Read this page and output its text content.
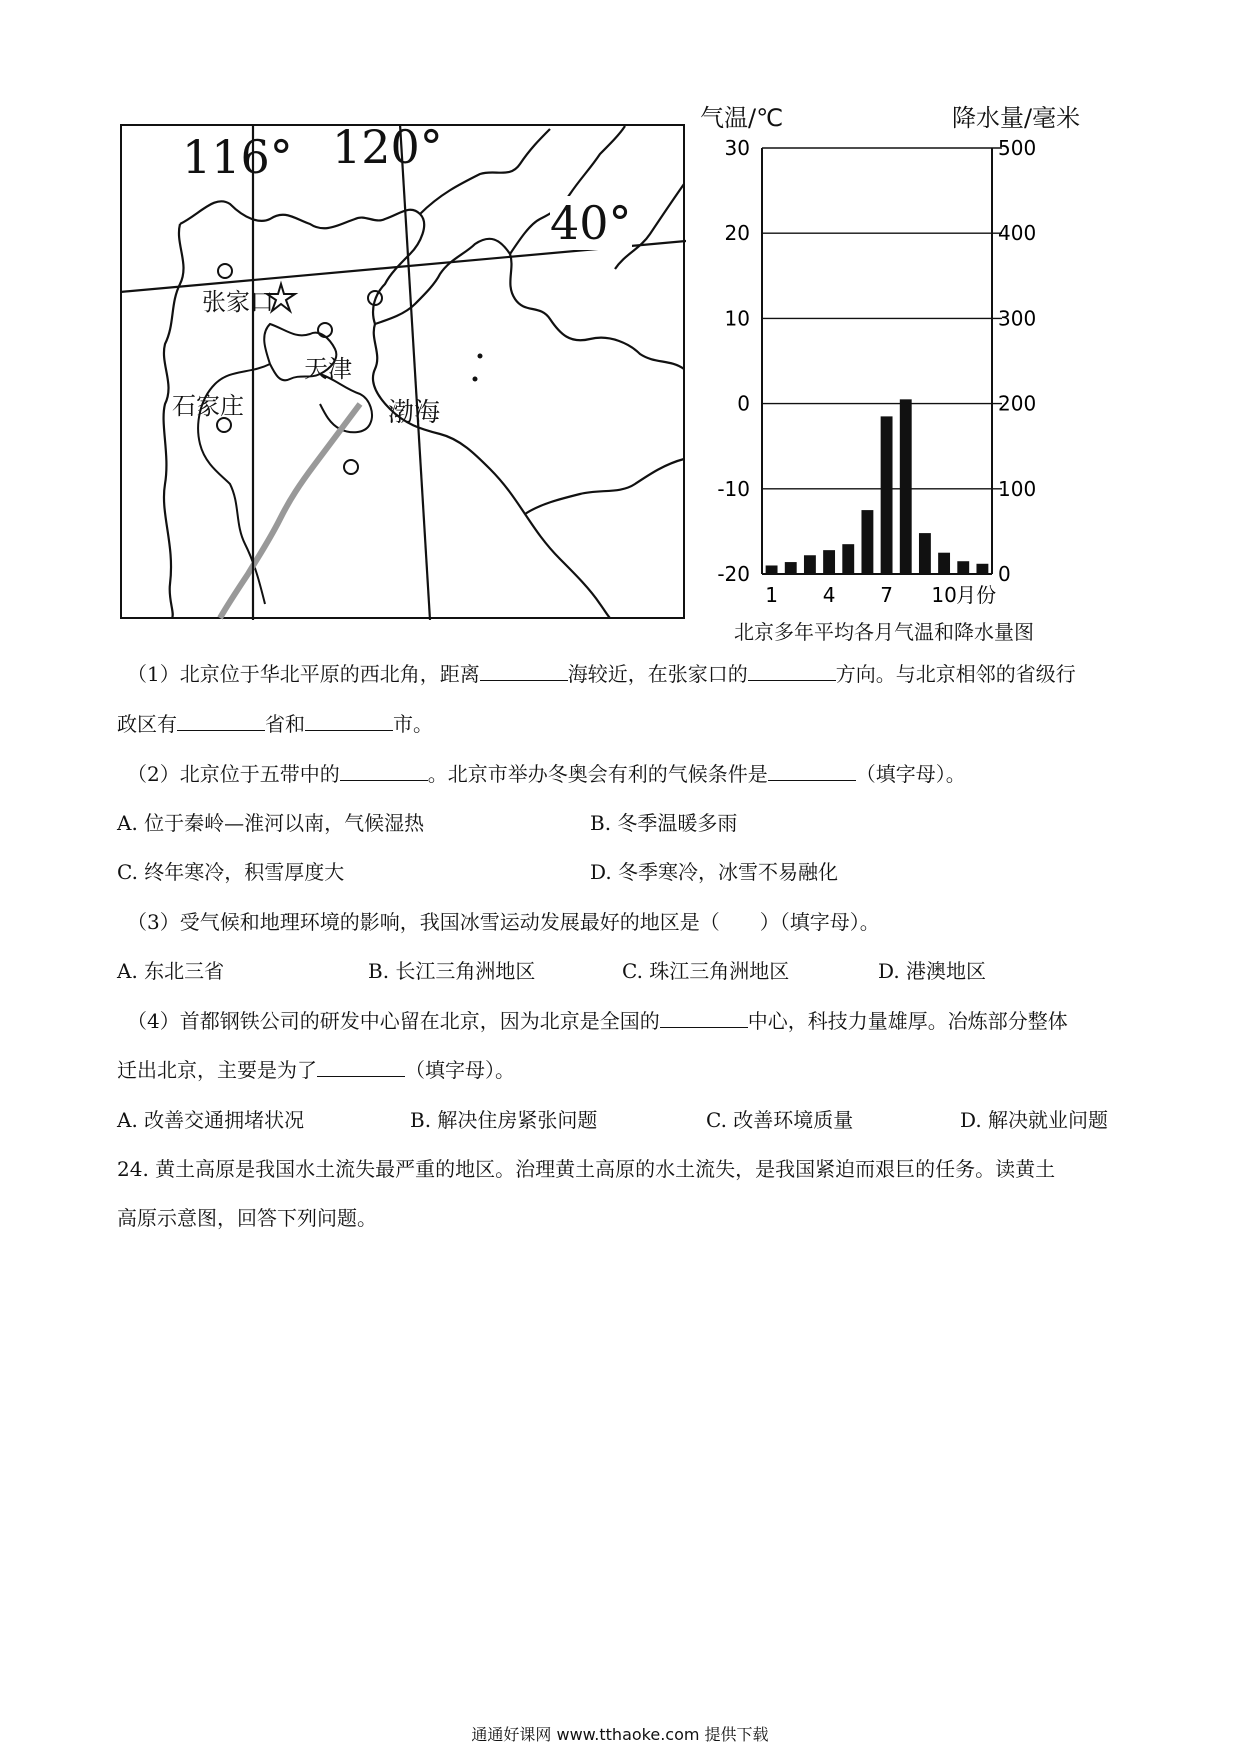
116° 120°
40°
张家口
天津
石家庄	渤海
气温/℃	降水量/毫米
30	500
20	400
10	300
0	200
-10	100
-20	0
1 4 7 10 月份
北京多年平均各月气温和降水量图
（1）北京位于华北平原的西北角，距离	海较近，在张家口的	方向。与北京相邻的省级行
政区有	省和	市。
（2）北京位于五带中的	。北京市举办冬奥会有利的气候条件是	（填字母）。
A. 位于秦岭—淮河以南，气候湿热	B. 冬季温暖多雨
C. 终年寒冷，积雪厚度大	D. 冬季寒冷，冰雪不易融化
（3）受气候和地理环境的影响，我国冰雪运动发展最好的地区是（　　）（填字母）。
A. 东北三省	B. 长江三角洲地区	C. 珠江三角洲地区	D. 港澳地区
（4）首都钢铁公司的研发中心留在北京，因为北京是全国的	中心，科技力量雄厚。冶炼部分整体
迁出北京，主要是为了	（填字母）。
A. 改善交通拥堵状况	B. 解决住房紧张问题	C. 改善环境质量	D. 解决就业问题
24. 黄土高原是我国水土流失最严重的地区。治理黄土高原的水土流失，是我国紧迫而艰巨的任务。读黄土
高原示意图，回答下列问题。
通通好课网 www.tthaoke.com 提供下载
